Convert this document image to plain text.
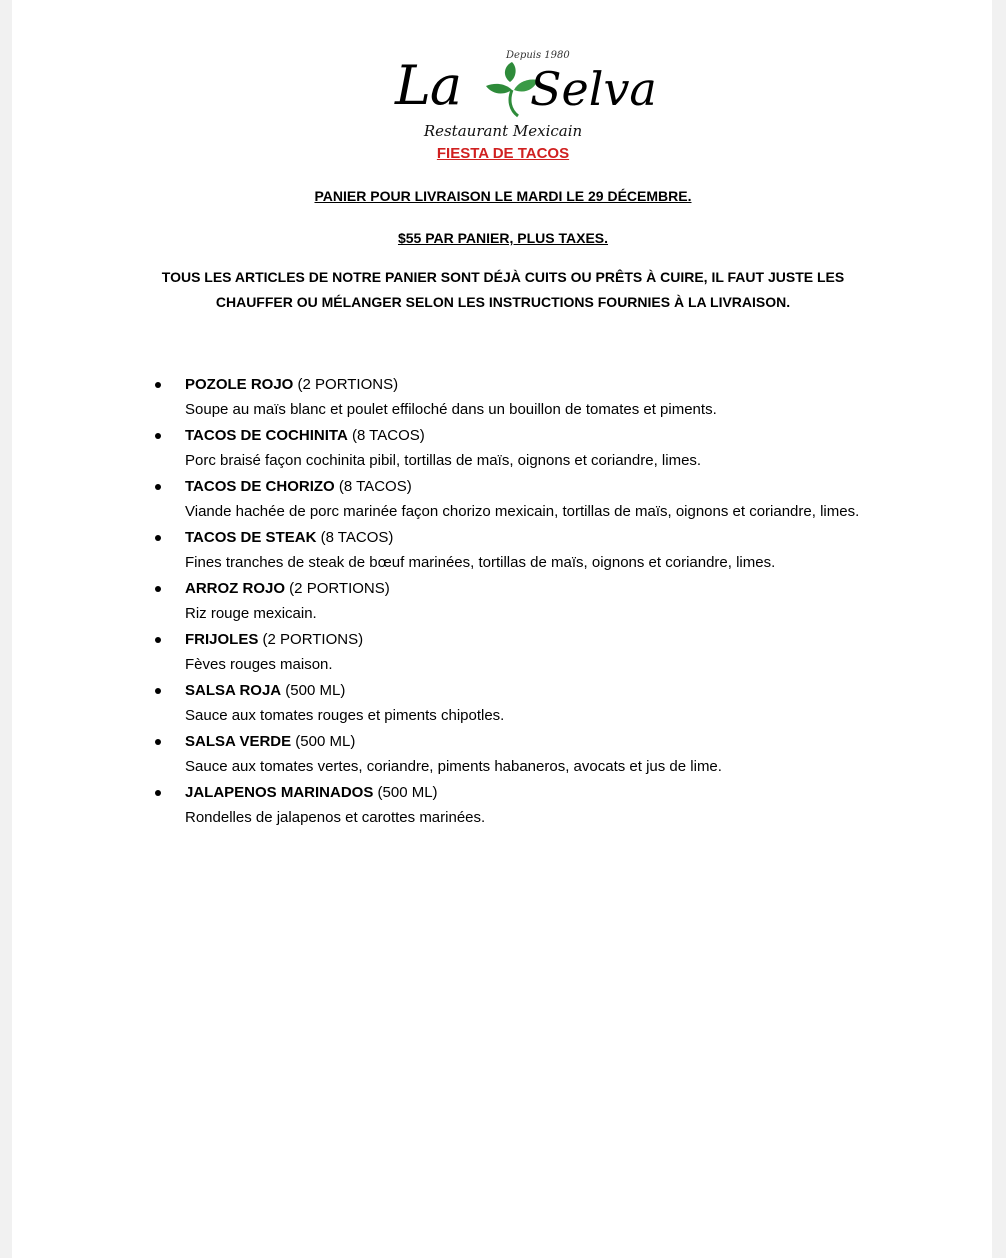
Depuis 1980
La Selva
Restaurant Mexicain
FIESTA DE TACOS
PANIER POUR LIVRAISON LE MARDI LE 29 DÉCEMBRE.
$55 PAR PANIER, PLUS TAXES.
TOUS LES ARTICLES DE NOTRE PANIER SONT DÉJÀ CUITS OU PRÊTS À CUIRE, IL FAUT JUSTE LES CHAUFFER OU MÉLANGER SELON LES INSTRUCTIONS FOURNIES À LA LIVRAISON.
POZOLE ROJO (2 PORTIONS)
Soupe au maïs blanc et poulet effiloché dans un bouillon de tomates et piments.
TACOS DE COCHINITA (8 TACOS)
Porc braisé façon cochinita pibil, tortillas de maïs, oignons et coriandre, limes.
TACOS DE CHORIZO (8 TACOS)
Viande hachée de porc marinée façon chorizo mexicain, tortillas de maïs, oignons et coriandre, limes.
TACOS DE STEAK (8 TACOS)
Fines tranches de steak de bœuf marinées, tortillas de maïs, oignons et coriandre, limes.
ARROZ ROJO (2 PORTIONS)
Riz rouge mexicain.
FRIJOLES (2 PORTIONS)
Fèves rouges maison.
SALSA ROJA (500 ML)
Sauce aux tomates rouges et piments chipotles.
SALSA VERDE (500 ML)
Sauce aux tomates vertes, coriandre, piments habaneros, avocats et jus de lime.
JALAPENOS MARINADOS (500 ML)
Rondelles de jalapenos et carottes marinées.
